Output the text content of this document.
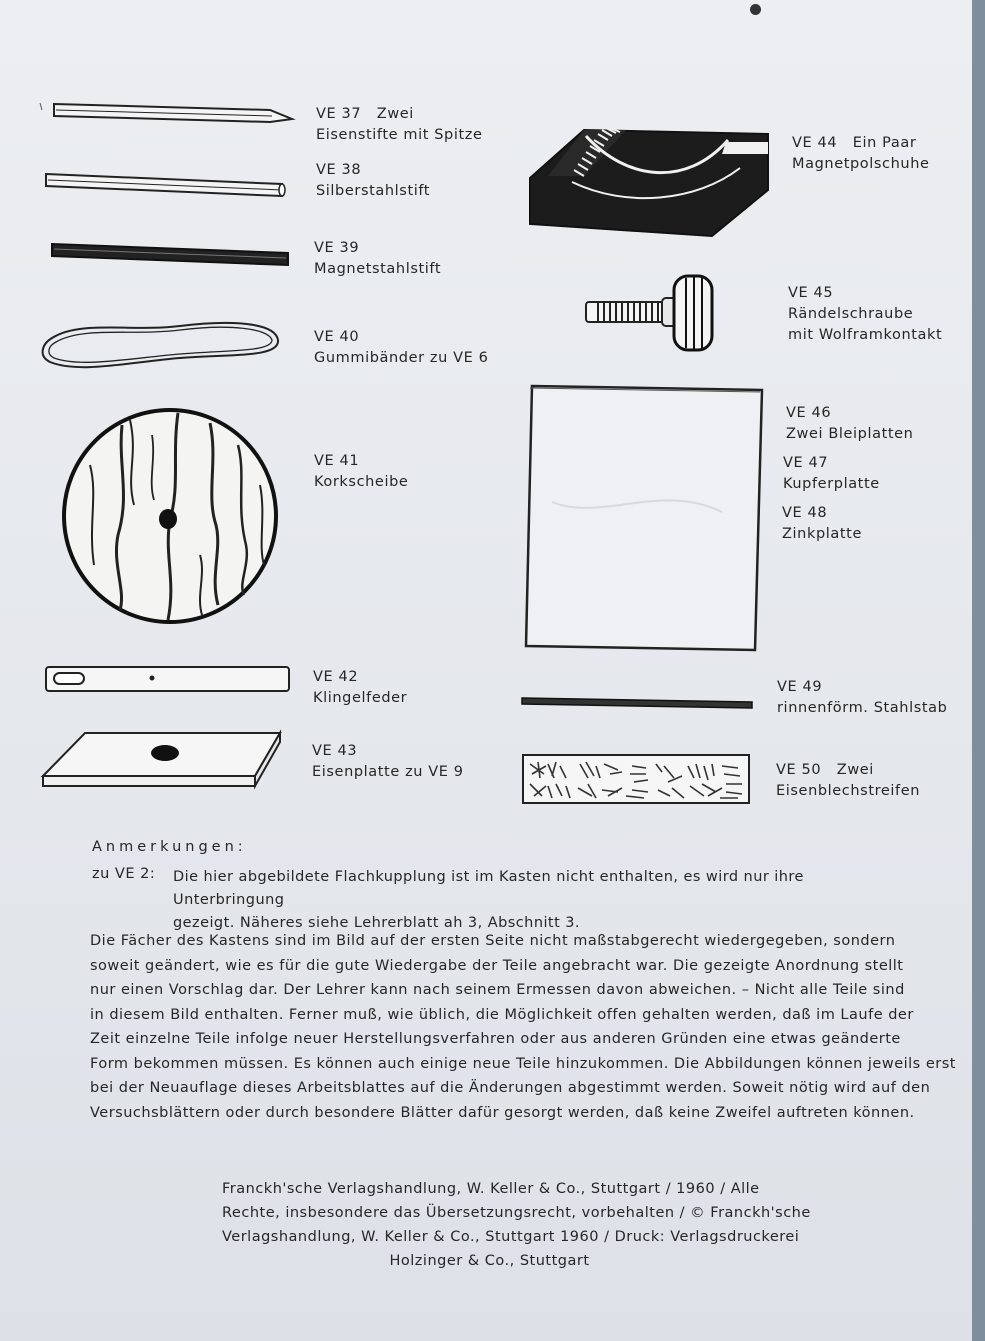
VE 37 Zwei
Eisenstifte mit Spitze
VE 38
Silberstahlstift
VE 39
Magnetstahlstift
VE 40
Gummibänder zu VE 6
VE 41
Korkscheibe
VE 42
Klingelfeder
VE 43
Eisenplatte zu VE 9
VE 44 Ein Paar
Magnetpolschuhe
VE 45
Rändelschraube
mit Wolframkontakt
VE 46
Zwei Bleiplatten
VE 47
Kupferplatte
VE 48
Zinkplatte
VE 49
rinnenförm. Stahlstab
VE 50 Zwei
Eisenblechstreifen
Anmerkungen:
zu VE 2: Die hier abgebildete Flachkupplung ist im Kasten nicht enthalten, es wird nur ihre Unterbringung
gezeigt. Näheres siehe Lehrerblatt ah 3, Abschnitt 3.
Die Fächer des Kastens sind im Bild auf der ersten Seite nicht maßstabgerecht wiedergegeben, sondern
soweit geändert, wie es für die gute Wiedergabe der Teile angebracht war. Die gezeigte Anordnung stellt
nur einen Vorschlag dar. Der Lehrer kann nach seinem Ermessen davon abweichen. – Nicht alle Teile sind
in diesem Bild enthalten. Ferner muß, wie üblich, die Möglichkeit offen gehalten werden, daß im Laufe der
Zeit einzelne Teile infolge neuer Herstellungsverfahren oder aus anderen Gründen eine etwas geänderte
Form bekommen müssen. Es können auch einige neue Teile hinzukommen. Die Abbildungen können jeweils erst
bei der Neuauflage dieses Arbeitsblattes auf die Änderungen abgestimmt werden. Soweit nötig wird auf den
Versuchsblättern oder durch besondere Blätter dafür gesorgt werden, daß keine Zweifel auftreten können.
Franckh'sche Verlagshandlung, W. Keller & Co., Stuttgart / 1960 / Alle
Rechte, insbesondere das Übersetzungsrecht, vorbehalten / © Franckh'sche
Verlagshandlung, W. Keller & Co., Stuttgart 1960 / Druck: Verlagsdruckerei
Holzinger & Co., Stuttgart
